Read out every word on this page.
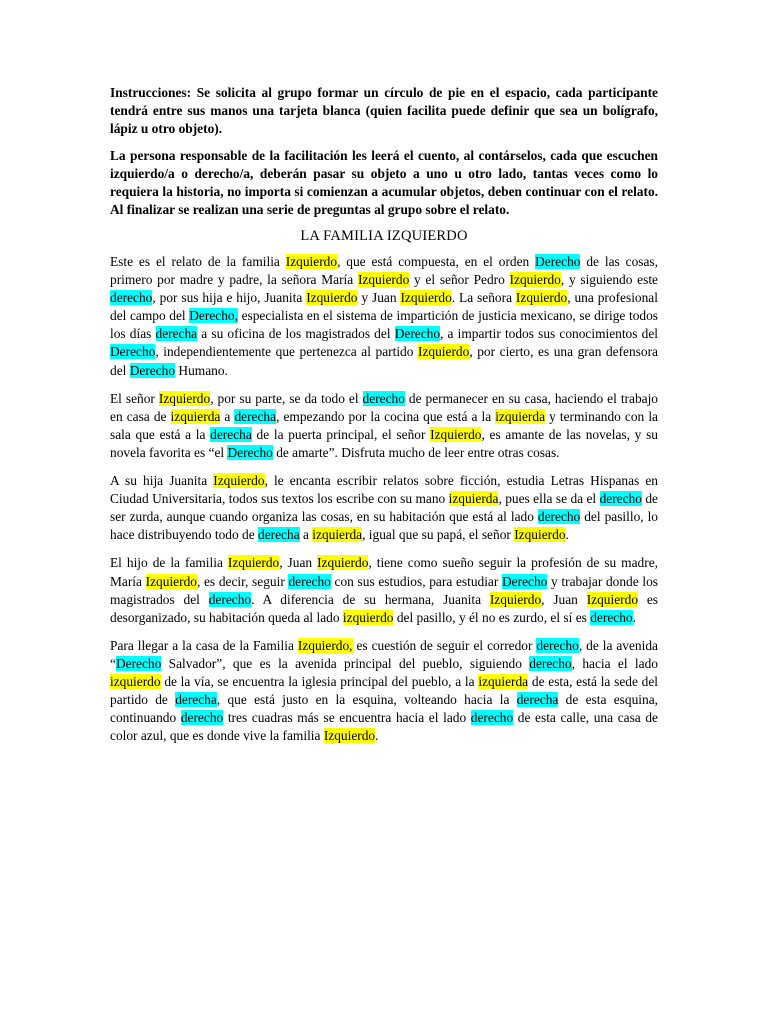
Instrucciones: Se solicita al grupo formar un círculo de pie en el espacio, cada participante tendrá entre sus manos una tarjeta blanca (quien facilita puede definir que sea un bolígrafo, lápiz u otro objeto).

La persona responsable de la facilitación les leerá el cuento, al contárselos, cada que escuchen izquierdo/a o derecho/a, deberán pasar su objeto a uno u otro lado, tantas veces como lo requiera la historia, no importa si comienzan a acumular objetos, deben continuar con el relato. Al finalizar se realizan una serie de preguntas al grupo sobre el relato.

LA FAMILIA IZQUIERDO

Este es el relato de la familia Izquierdo, que está compuesta, en el orden Derecho de las cosas, primero por madre y padre, la señora María Izquierdo y el señor Pedro Izquierdo, y siguiendo este derecho, por sus hija e hijo, Juanita Izquierdo y Juan Izquierdo. La señora Izquierdo, una profesional del campo del Derecho, especialista en el sistema de impartición de justicia mexicano, se dirige todos los días derecha a su oficina de los magistrados del Derecho, a impartir todos sus conocimientos del Derecho, independientemente que pertenezca al partido Izquierdo, por cierto, es una gran defensora del Derecho Humano.

El señor Izquierdo, por su parte, se da todo el derecho de permanecer en su casa, haciendo el trabajo en casa de izquierda a derecha, empezando por la cocina que está a la izquierda y terminando con la sala que está a la derecha de la puerta principal, el señor Izquierdo, es amante de las novelas, y su novela favorita es “el Derecho de amarte”. Disfruta mucho de leer entre otras cosas.

A su hija Juanita Izquierdo, le encanta escribir relatos sobre ficción, estudia Letras Hispanas en Ciudad Universitaria, todos sus textos los escribe con su mano izquierda, pues ella se da el derecho de ser zurda, aunque cuando organiza las cosas, en su habitación que está al lado derecho del pasillo, lo hace distribuyendo todo de derecha a izquierda, igual que su papá, el señor Izquierdo.

El hijo de la familia Izquierdo, Juan Izquierdo, tiene como sueño seguir la profesión de su madre, María Izquierdo, es decir, seguir derecho con sus estudios, para estudiar Derecho y trabajar donde los magistrados del derecho. A diferencia de su hermana, Juanita Izquierdo, Juan Izquierdo es desorganizado, su habitación queda al lado izquierdo del pasillo, y él no es zurdo, el sí es derecho.

Para llegar a la casa de la Familia Izquierdo, es cuestión de seguir el corredor derecho, de la avenida “Derecho Salvador”, que es la avenida principal del pueblo, siguiendo derecho, hacia el lado izquierdo de la vía, se encuentra la iglesia principal del pueblo, a la izquierda de esta, está la sede del partido de derecha, que está justo en la esquina, volteando hacia la derecha de esta esquina, continuando derecho tres cuadras más se encuentra hacia el lado derecho de esta calle, una casa de color azul, que es donde vive la familia Izquierdo.
